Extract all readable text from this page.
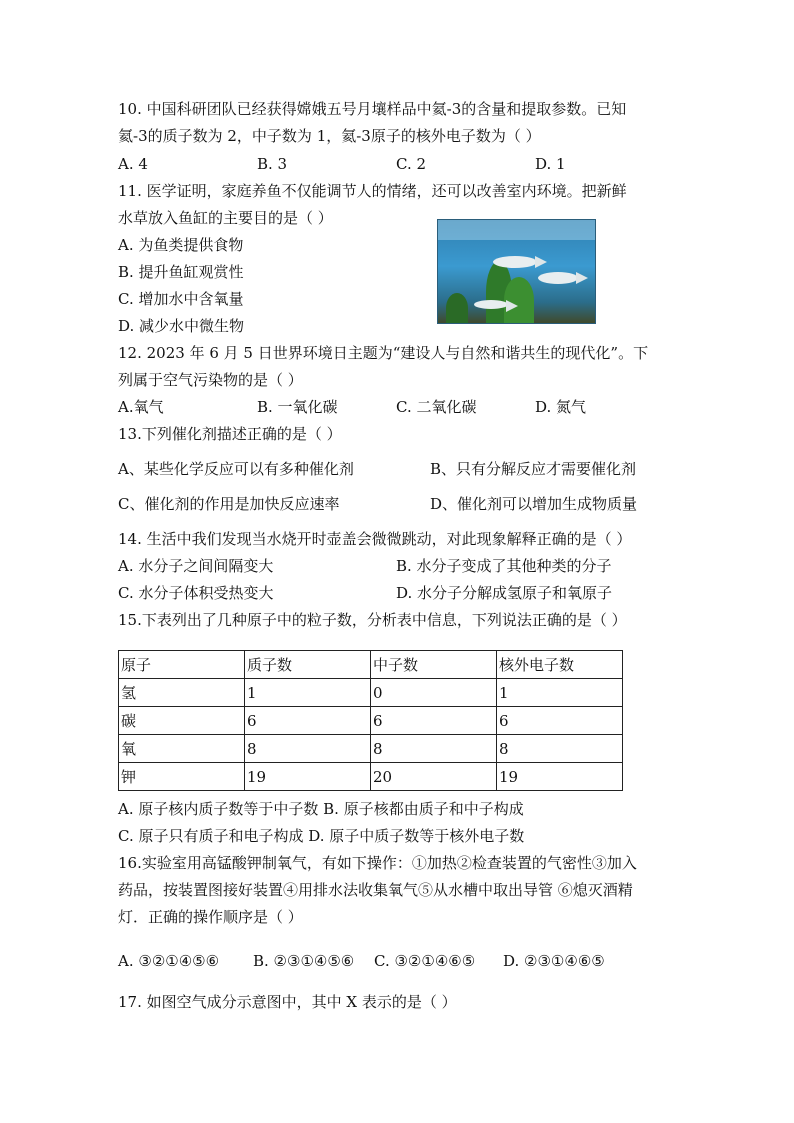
10. 中国科研团队已经获得嫦娥五号月壤样品中氦-3的含量和提取参数。已知
氦-3的质子数为 2，中子数为 1，氦-3原子的核外电子数为（ ）
A. 4	B. 3	C. 2	D. 1
11. 医学证明，家庭养鱼不仅能调节人的情绪，还可以改善室内环境。把新鲜
水草放入鱼缸的主要目的是（ ）
A. 为鱼类提供食物
B. 提升鱼缸观赏性
C. 增加水中含氧量
D. 减少水中微生物
12. 2023 年 6 月 5 日世界环境日主题为“建设人与自然和谐共生的现代化”。下
列属于空气污染物的是（ ）
A.氧气	B. 一氧化碳	C. 二氧化碳	D. 氮气
13.下列催化剂描述正确的是（ ）
A、某些化学反应可以有多种催化剂	B、只有分解反应才需要催化剂
C、催化剂的作用是加快反应速率	D、催化剂可以增加生成物质量
14. 生活中我们发现当水烧开时壶盖会微微跳动，对此现象解释正确的是（ ）
A. 水分子之间间隔变大	B. 水分子变成了其他种类的分子
C. 水分子体积受热变大	D. 水分子分解成氢原子和氧原子
15.下表列出了几种原子中的粒子数，分析表中信息，下列说法正确的是（ ）
原子	质子数	中子数	核外电子数
氢	1	0	1
碳	6	6	6
氧	8	8	8
钾	19	20	19
A. 原子核内质子数等于中子数 B. 原子核都由质子和中子构成
C. 原子只有质子和电子构成 D. 原子中质子数等于核外电子数
16.实验室用高锰酸钾制氧气，有如下操作：①加热②检查装置的气密性③加入
药品，按装置图接好装置④用排水法收集氧气⑤从水槽中取出导管 ⑥熄灭酒精
灯．正确的操作顺序是（ ）
A. ③②①④⑤⑥ B. ②③①④⑤⑥ C. ③②①④⑥⑤ D. ②③①④⑥⑤
17. 如图空气成分示意图中，其中 X 表示的是（ ）
